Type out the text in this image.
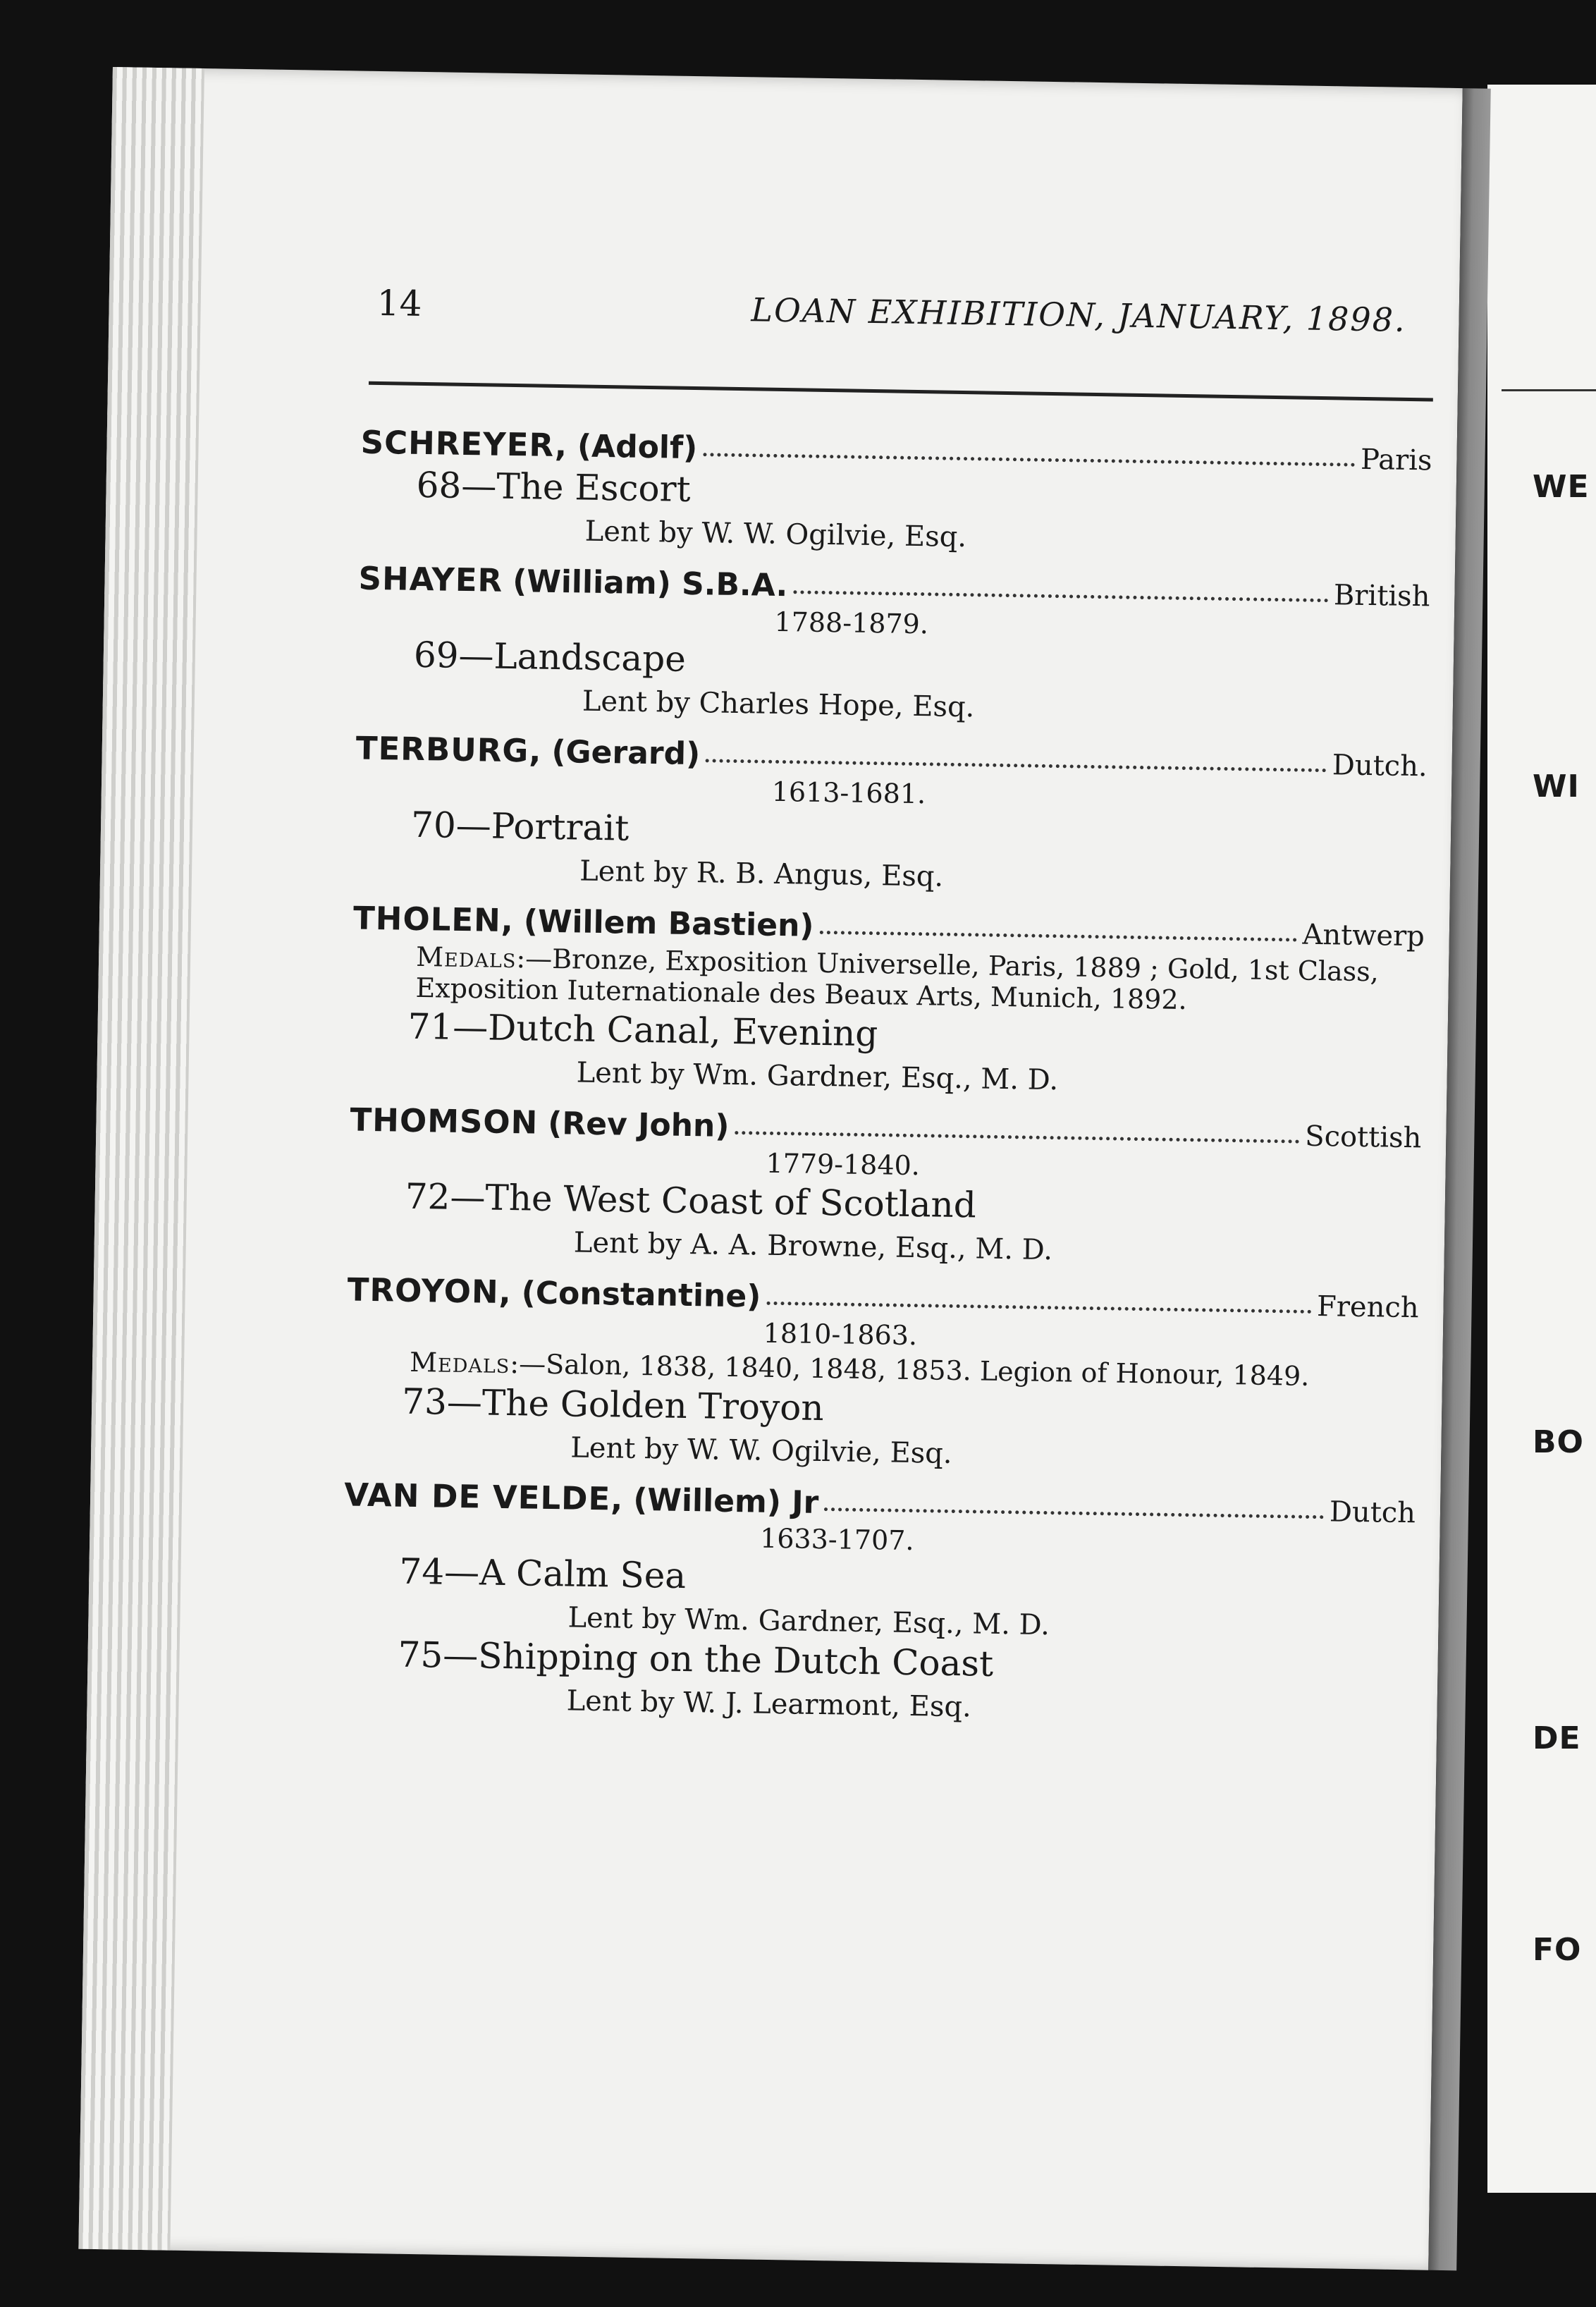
WE
WI
BO
DE
FO
14	LOAN EXHIBITION, JANUARY, 1898.
SCHREYER, (Adolf)	Paris
68—The Escort
Lent by W. W. Ogilvie, Esq.
SHAYER (William) S.B.A.	British
1788-1879.
69—Landscape
Lent by Charles Hope, Esq.
TERBURG, (Gerard)	Dutch.
1613-1681.
70—Portrait
Lent by R. B. Angus, Esq.
THOLEN, (Willem Bastien)	Antwerp
Medals:—Bronze, Exposition Universelle, Paris, 1889 ; Gold, 1st Class, Exposition Iuternationale des Beaux Arts, Munich, 1892.
71—Dutch Canal, Evening
Lent by Wm. Gardner, Esq., M. D.
THOMSON (Rev John)	Scottish
1779-1840.
72—The West Coast of Scotland
Lent by A. A. Browne, Esq., M. D.
TROYON, (Constantine)	French
1810-1863.
Medals:—Salon, 1838, 1840, 1848, 1853. Legion of Honour, 1849.
73—The Golden Troyon
Lent by W. W. Ogilvie, Esq.
VAN DE VELDE, (Willem) Jr	Dutch
1633-1707.
74—A Calm Sea
Lent by Wm. Gardner, Esq., M. D.
75—Shipping on the Dutch Coast
Lent by W. J. Learmont, Esq.
